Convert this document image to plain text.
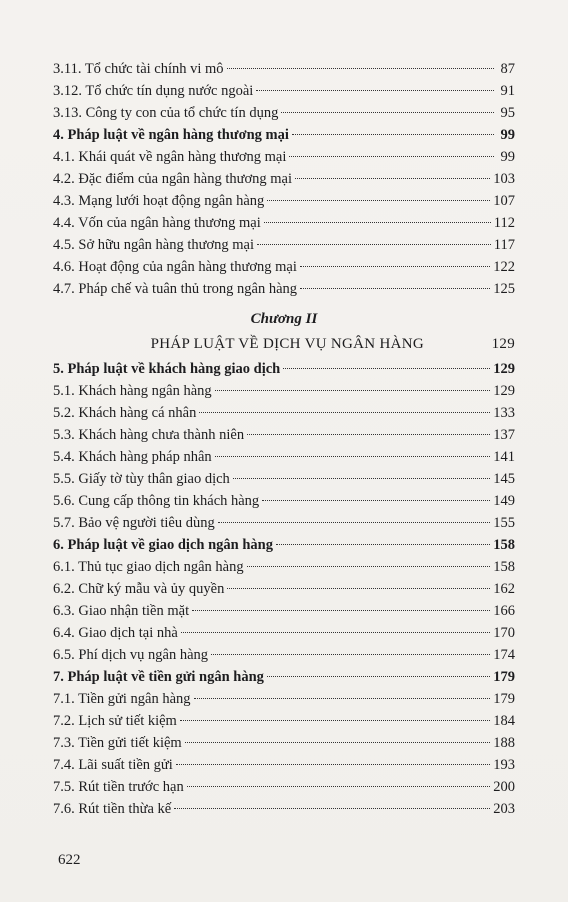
3.11. Tổ chức tài chính vi mô	87
3.12. Tổ chức tín dụng nước ngoài	91
3.13. Công ty con của tổ chức tín dụng	95
4. Pháp luật về ngân hàng thương mại	99
4.1. Khái quát về ngân hàng thương mại	99
4.2. Đặc điểm của ngân hàng thương mại	103
4.3. Mạng lưới hoạt động ngân hàng	107
4.4. Vốn của ngân hàng thương mại	112
4.5. Sở hữu ngân hàng thương mại	117
4.6. Hoạt động của ngân hàng thương mại	122
4.7. Pháp chế và tuân thủ trong ngân hàng	125
Chương II
PHÁP LUẬT VỀ DỊCH VỤ NGÂN HÀNG	129
5. Pháp luật về khách hàng giao dịch	129
5.1. Khách hàng ngân hàng	129
5.2. Khách hàng cá nhân	133
5.3. Khách hàng chưa thành niên	137
5.4. Khách hàng pháp nhân	141
5.5. Giấy tờ tùy thân giao dịch	145
5.6. Cung cấp thông tin khách hàng	149
5.7. Bảo vệ người tiêu dùng	155
6. Pháp luật về giao dịch ngân hàng	158
6.1. Thủ tục giao dịch ngân hàng	158
6.2. Chữ ký mẫu và ủy quyền	162
6.3. Giao nhận tiền mặt	166
6.4. Giao dịch tại nhà	170
6.5. Phí dịch vụ ngân hàng	174
7. Pháp luật về tiền gửi ngân hàng	179
7.1. Tiền gửi ngân hàng	179
7.2. Lịch sử tiết kiệm	184
7.3. Tiền gửi tiết kiệm	188
7.4. Lãi suất tiền gửi	193
7.5. Rút tiền trước hạn	200
7.6. Rút tiền thừa kế	203
622
